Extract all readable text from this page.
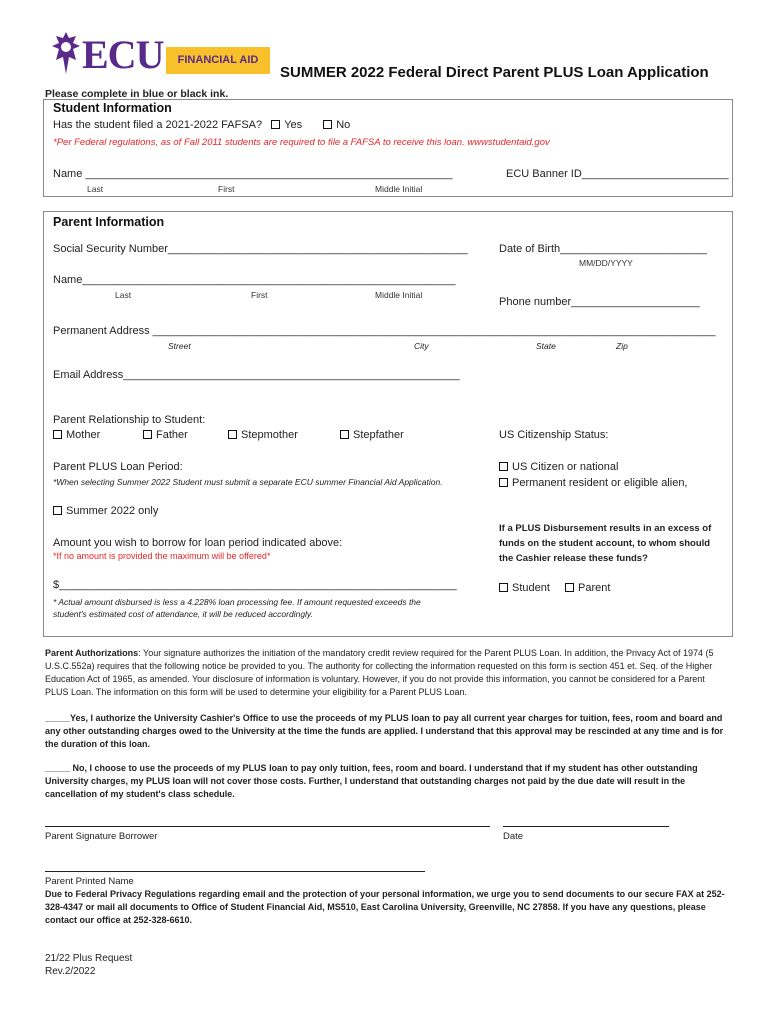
ECU	FINANCIAL AID
SUMMER 2022 Federal Direct Parent PLUS Loan Application
Please complete in blue or black ink.
Student Information
Has the student filed a 2021-2022 FAFSA? Yes	No
*Per Federal regulations, as of Fall 2011 students are required to file a FAFSA to receive this loan. wwwstudentaid.gov
Name ____________________________________________________________	ECU Banner ID________________________
Last	First	Middle Initial
Parent Information
Social Security Number_________________________________________________	Date of Birth________________________
MM/DD/YYYY
Name_____________________________________________________________
Last	First	Middle Initial
Phone number_____________________
Permanent Address ____________________________________________________________________________________________
Street	City	State	Zip
Email Address_______________________________________________________
Parent Relationship to Student:
Mother	Father	Stepmother	Stepfather	US Citizenship Status:
Parent PLUS Loan Period:	US Citizen or national
*When selecting Summer 2022 Student must submit a separate ECU summer Financial Aid Application.	Permanent resident or eligible alien,
Summer 2022 only
If a PLUS Disbursement results in an excess of
funds on the student account, to whom should
the Cashier release these funds?
Amount you wish to borrow for loan period indicated above:
*If no amount is provided the maximum will be offered*
$_________________________________________________________________	Student	Parent
* Actual amount disbursed is less a 4.228% loan processing fee. If amount requested exceeds the
student's estimated cost of attendance, it will be reduced accordingly.
Parent Authorizations: Your signature authorizes the initiation of the mandatory credit review required for the Parent PLUS Loan. In addition, the Privacy Act of 1974 (5 U.S.C.552a) requires that the following notice be provided to you. The authority for collecting the information requested on this form is section 451 et. Seq. of the Higher Education Act of 1965, as amended. Your disclosure of information is voluntary. However, if you do not provide this information, you cannot be considered for a Parent PLUS Loan. The information on this form will be used to determine your eligibility for a Parent PLUS Loan.
_____Yes, I authorize the University Cashier's Office to use the proceeds of my PLUS loan to pay all current year charges for tuition, fees, room and board and any other outstanding charges owed to the University at the time the funds are applied. I understand that this approval may be rescinded at any time and is for the duration of this loan.
_____ No, I choose to use the proceeds of my PLUS loan to pay only tuition, fees, room and board. I understand that if my student has other outstanding University charges, my PLUS loan will not cover those costs. Further, I understand that outstanding charges not paid by the due date will result in the cancellation of my student's class schedule.
Parent Signature Borrower	Date
Parent Printed Name
Due to Federal Privacy Regulations regarding email and the protection of your personal information, we urge you to send documents to our secure FAX at 252-328-4347 or mail all documents to Office of Student Financial Aid, MS510, East Carolina University, Greenville, NC 27858. If you have any questions, please contact our office at 252-328-6610.
21/22 Plus Request
Rev.2/2022
